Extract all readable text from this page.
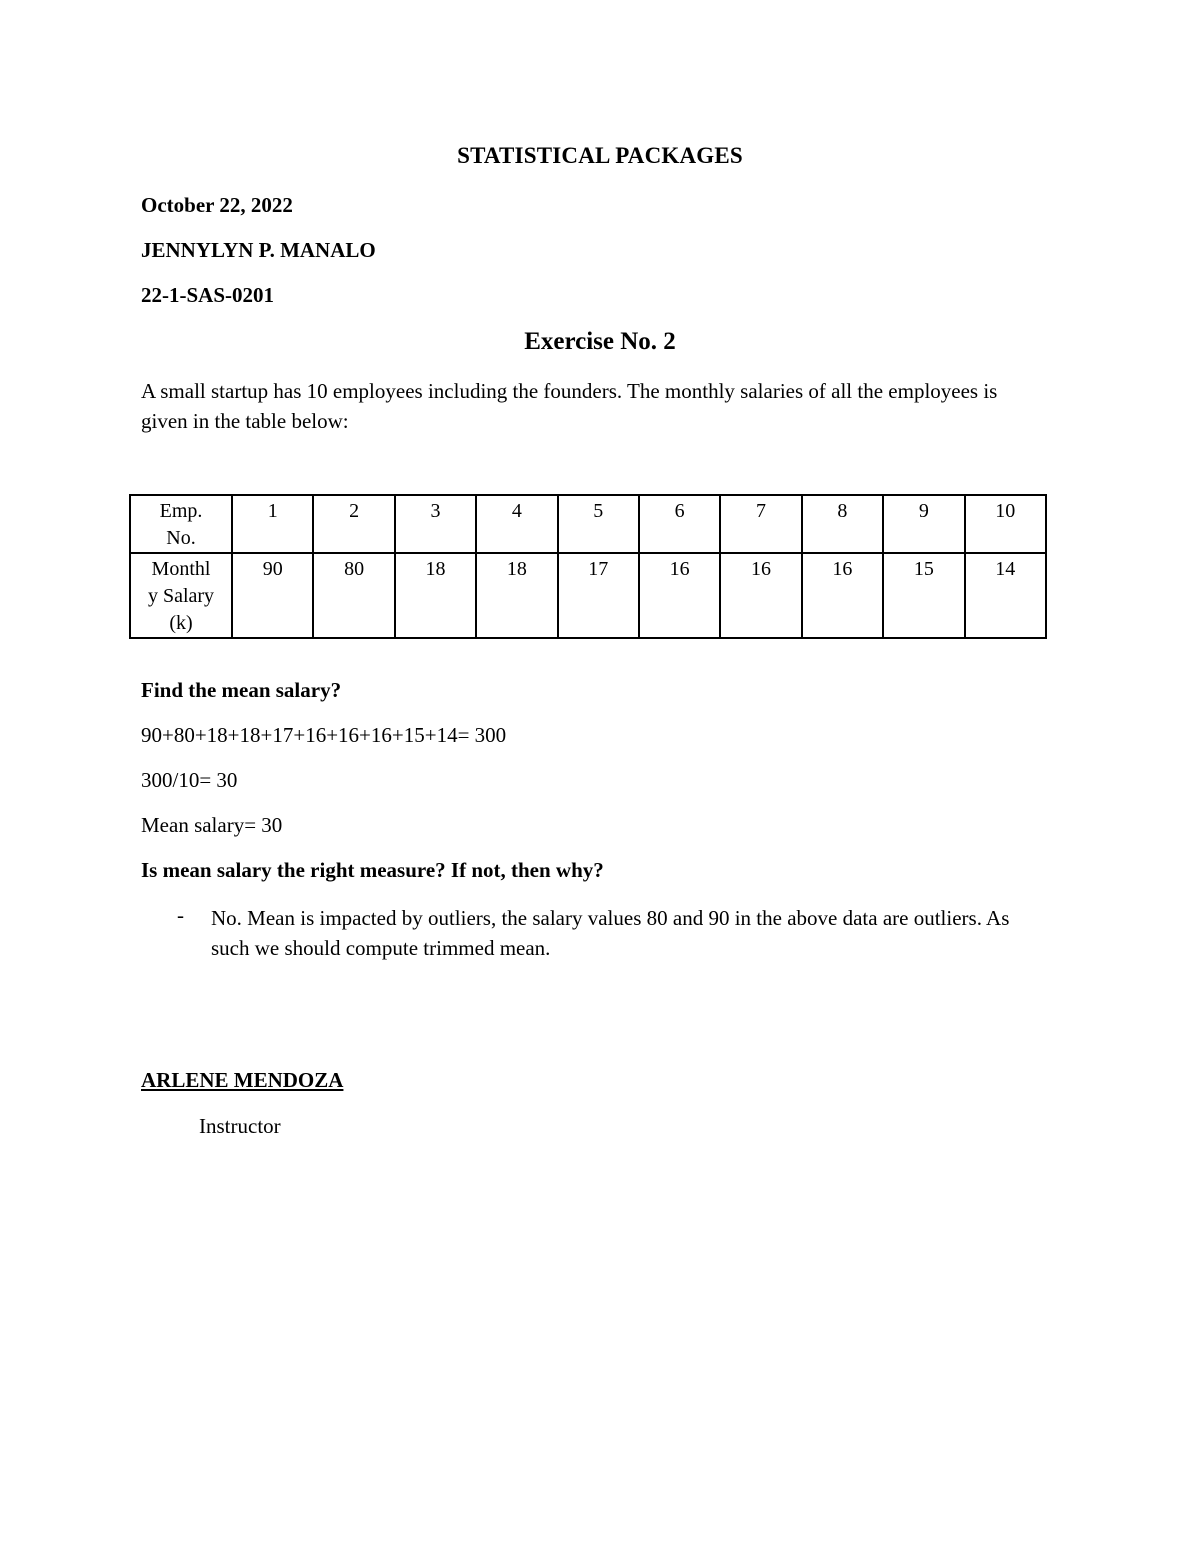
STATISTICAL PACKAGES

October 22, 2022

JENNYLYN P. MANALO

22-1-SAS-0201

Exercise No. 2

A small startup has 10 employees including the founders. The monthly salaries of all the employees is given in the table below:

Emp.
No.	1	2	3	4	5	6	7	8	9	10
Monthl
y Salary
(k)	90	80	18	18	17	16	16	16	15	14

Find the mean salary?

90+80+18+18+17+16+16+16+15+14= 300

300/10= 30

Mean salary= 30

Is mean salary the right measure? If not, then why?

- No. Mean is impacted by outliers, the salary values 80 and 90 in the above data are outliers. As such we should compute trimmed mean.

ARLENE MENDOZA

Instructor
